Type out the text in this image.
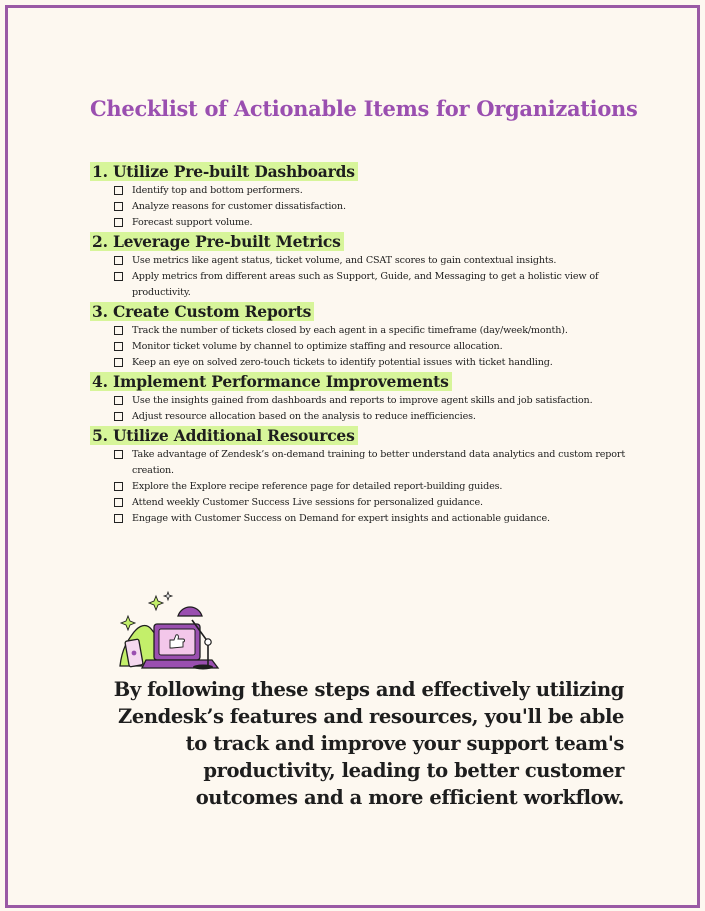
Checklist of Actionable Items for Organizations
1. Utilize Pre-built Dashboards
Identify top and bottom performers.
Analyze reasons for customer dissatisfaction.
Forecast support volume.
2. Leverage Pre-built Metrics
Use metrics like agent status, ticket volume, and CSAT scores to gain contextual insights.
Apply metrics from different areas such as Support, Guide, and Messaging to get a holistic view of productivity.
3. Create Custom Reports
Track the number of tickets closed by each agent in a specific timeframe (day/week/month).
Monitor ticket volume by channel to optimize staffing and resource allocation.
Keep an eye on solved zero-touch tickets to identify potential issues with ticket handling.
4. Implement Performance Improvements
Use the insights gained from dashboards and reports to improve agent skills and job satisfaction.
Adjust resource allocation based on the analysis to reduce inefficiencies.
5. Utilize Additional Resources
Take advantage of Zendesk’s on-demand training to better understand data analytics and custom report creation.
Explore the Explore recipe reference page for detailed report-building guides.
Attend weekly Customer Success Live sessions for personalized guidance.
Engage with Customer Success on Demand for expert insights and actionable guidance.
By following these steps and effectively utilizing Zendesk’s features and resources, you'll be able to track and improve your support team's productivity, leading to better customer outcomes and a more efficient workflow.
